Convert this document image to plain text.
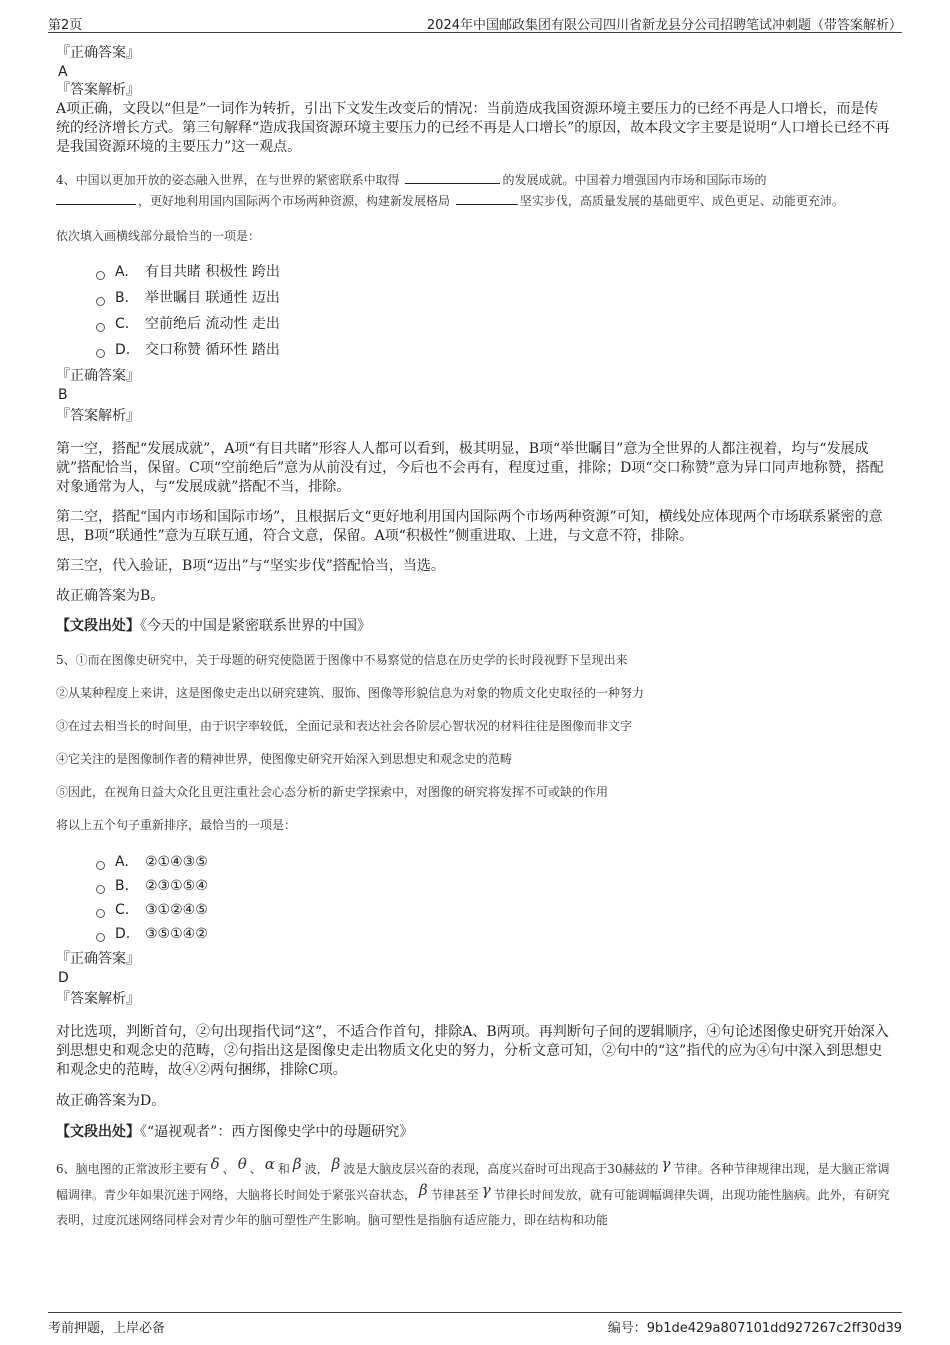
第2页	2024年中国邮政集团有限公司四川省新龙县分公司招聘笔试冲刺题（带答案解析）
『正确答案』
A
『答案解析』

A项正确，文段以“但是”一词作为转折，引出下文发生改变后的情况：当前造成我国资源环境主要压力的已经不再是人口增长，而是传统的经济增长方式。第三句解释“造成我国资源环境主要压力的已经不再是人口增长”的原因，故本段文字主要是说明“人口增长已经不再是我国资源环境的主要压力”这一观点。

4、中国以更加开放的姿态融入世界，在与世界的紧密联系中取得	的发展成就。中国着力增强国内市场和国际市场的
，更好地利用国内国际两个市场两种资源，构建新发展格局	坚实步伐，高质量发展的基础更牢、成色更足、动能更充沛。

依次填入画横线部分最恰当的一项是：

A.	有目共睹 积极性 跨出
B.	举世瞩目 联通性 迈出
C.	空前绝后 流动性 走出
D.	交口称赞 循环性 踏出
『正确答案』
B
『答案解析』

第一空，搭配“发展成就”，A项“有目共睹”形容人人都可以看到，极其明显，B项“举世瞩目”意为全世界的人都注视着，均与“发展成就”搭配恰当，保留。C项“空前绝后”意为从前没有过，今后也不会再有，程度过重，排除；D项“交口称赞”意为异口同声地称赞，搭配对象通常为人，与“发展成就”搭配不当，排除。

第二空，搭配“国内市场和国际市场”，且根据后文“更好地利用国内国际两个市场两种资源”可知，横线处应体现两个市场联系紧密的意思，B项“联通性”意为互联互通，符合文意，保留。A项“积极性”侧重进取、上进，与文意不符，排除。

第三空，代入验证，B项“迈出”与“坚实步伐”搭配恰当，当选。

故正确答案为B。

【文段出处】《今天的中国是紧密联系世界的中国》

5、①而在图像史研究中，关于母题的研究使隐匿于图像中不易察觉的信息在历史学的长时段视野下呈现出来

②从某种程度上来讲，这是图像史走出以研究建筑、服饰、图像等形貌信息为对象的物质文化史取径的一种努力

③在过去相当长的时间里，由于识字率较低，全面记录和表达社会各阶层心智状况的材料往往是图像而非文字

④它关注的是图像制作者的精神世界，使图像史研究开始深入到思想史和观念史的范畴

⑤因此，在视角日益大众化且更注重社会心态分析的新史学探索中，对图像的研究将发挥不可或缺的作用

将以上五个句子重新排序，最恰当的一项是：

A.	②①④③⑤
B.	②③①⑤④
C.	③①②④⑤
D.	③⑤①④②
『正确答案』
D
『答案解析』

对比选项，判断首句，②句出现指代词“这”，不适合作首句，排除A、B两项。再判断句子间的逻辑顺序，④句论述图像史研究开始深入到思想史和观念史的范畴，②句指出这是图像史走出物质文化史的努力，分析文意可知，②句中的“这”指代的应为④句中深入到思想史和观念史的范畴，故④②两句捆绑，排除C项。

故正确答案为D。

【文段出处】《“逼视观者”：西方图像史学中的母题研究》

6、脑电图的正常波形主要有 δ 、 θ 、 α 和 β 波， β 波是大脑皮层兴奋的表现，高度兴奋时可出现高于30赫兹的 γ 节律。各种节律规律出现，是大脑正常调幅调律。青少年如果沉迷于网络，大脑将长时间处于紧张兴奋状态， β 节律甚至 γ 节律长时间发放，就有可能调幅调律失调，出现功能性脑病。此外，有研究表明，过度沉迷网络同样会对青少年的脑可塑性产生影响。脑可塑性是指脑有适应能力，即在结构和功能

考前押题，上岸必备	编号：9b1de429a807101dd927267c2ff30d39
